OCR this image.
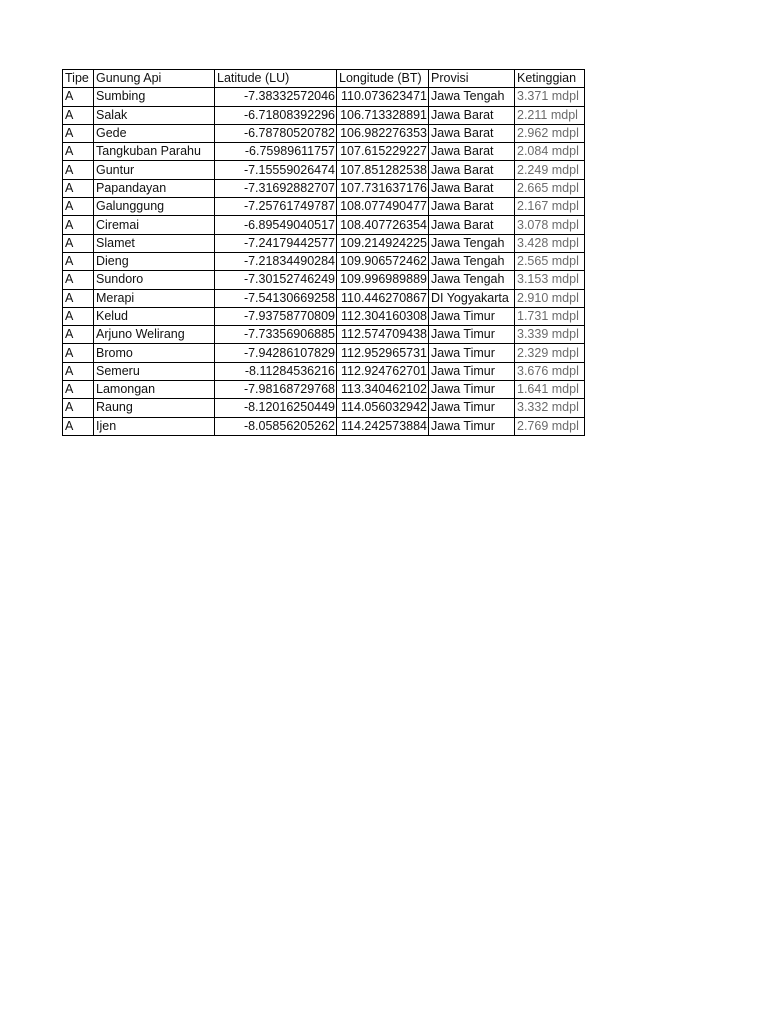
Tipe	Gunung Api	Latitude (LU)	Longitude (BT)	Provisi	Ketinggian
A	Sumbing	-7.38332572046	110.073623471	Jawa Tengah	3.371 mdpl
A	Salak	-6.71808392296	106.713328891	Jawa Barat	2.211 mdpl
A	Gede	-6.78780520782	106.982276353	Jawa Barat	2.962 mdpl
A	Tangkuban Parahu	-6.75989611757	107.615229227	Jawa Barat	2.084 mdpl
A	Guntur	-7.15559026474	107.851282538	Jawa Barat	2.249 mdpl
A	Papandayan	-7.31692882707	107.731637176	Jawa Barat	2.665 mdpl
A	Galunggung	-7.25761749787	108.077490477	Jawa Barat	2.167 mdpl
A	Ciremai	-6.89549040517	108.407726354	Jawa Barat	3.078 mdpl
A	Slamet	-7.24179442577	109.214924225	Jawa Tengah	3.428 mdpl
A	Dieng	-7.21834490284	109.906572462	Jawa Tengah	2.565 mdpl
A	Sundoro	-7.30152746249	109.996989889	Jawa Tengah	3.153 mdpl
A	Merapi	-7.54130669258	110.446270867	DI Yogyakarta	2.910 mdpl
A	Kelud	-7.93758770809	112.304160308	Jawa Timur	1.731 mdpl
A	Arjuno Welirang	-7.73356906885	112.574709438	Jawa Timur	3.339 mdpl
A	Bromo	-7.94286107829	112.952965731	Jawa Timur	2.329 mdpl
A	Semeru	-8.11284536216	112.924762701	Jawa Timur	3.676 mdpl
A	Lamongan	-7.98168729768	113.340462102	Jawa Timur	1.641 mdpl
A	Raung	-8.12016250449	114.056032942	Jawa Timur	3.332 mdpl
A	Ijen	-8.05856205262	114.242573884	Jawa Timur	2.769 mdpl
